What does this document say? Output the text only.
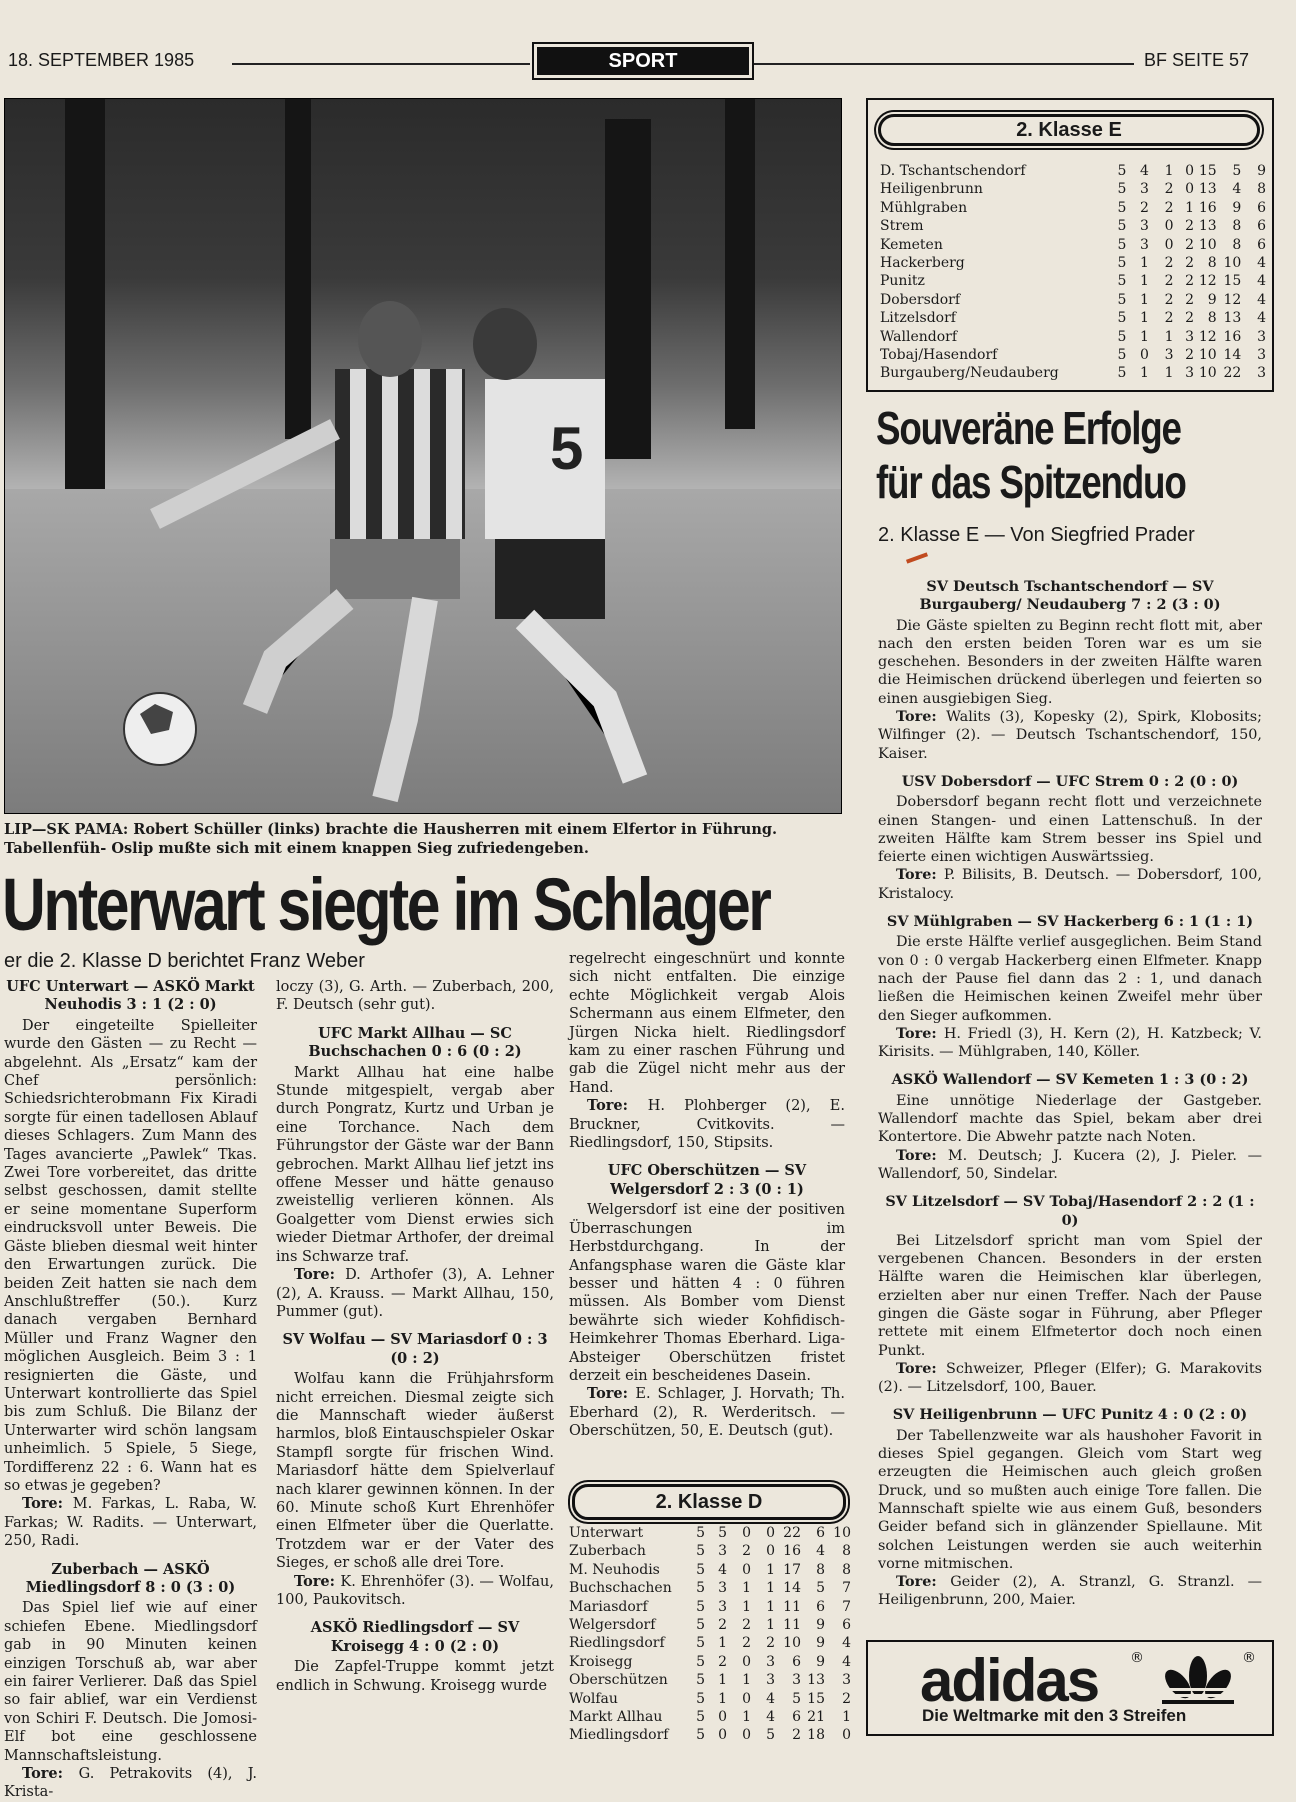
18. SEPTEMBER 1985	SPORT	BF SEITE 57
5
LIP—SK PAMA: Robert Schüller (links) brachte die Hausherren mit einem Elfertor in Führung. Tabellenfüh- Oslip mußte sich mit einem knappen Sieg zufriedengeben.
Unterwart siegte im Schlager
er die 2. Klasse D berichtet Franz Weber

UFC Unterwart — ASKÖ Markt Neuhodis 3 : 1 (2 : 0)

Der eingeteilte Spielleiter wurde den Gästen — zu Recht — abgelehnt. Als „Ersatz“ kam der Chef persönlich: Schiedsrichterobmann Fix Kiradi sorgte für einen tadellosen Ablauf dieses Schlagers. Zum Mann des Tages avancierte „Pawlek“ Tkas. Zwei Tore vorbereitet, das dritte selbst geschossen, damit stellte er seine momentane Superform eindrucksvoll unter Beweis. Die Gäste blieben diesmal weit hinter den Erwartungen zurück. Die beiden Zeit hatten sie nach dem Anschlußtreffer (50.). Kurz danach vergaben Bernhard Müller und Franz Wagner den möglichen Ausgleich. Beim 3 : 1 resignierten die Gäste, und Unterwart kontrollierte das Spiel bis zum Schluß. Die Bilanz der Unterwarter wird schön langsam unheimlich. 5 Spiele, 5 Siege, Tordifferenz 22 : 6. Wann hat es so etwas je gegeben?

Tore: M. Farkas, L. Raba, W. Farkas; W. Radits. — Unterwart, 250, Radi.

Zuberbach — ASKÖ Miedlingsdorf 8 : 0 (3 : 0)

Das Spiel lief wie auf einer schiefen Ebene. Miedlingsdorf gab in 90 Minuten keinen einzigen Torschuß ab, war aber ein fairer Verlierer. Daß das Spiel so fair ablief, war ein Verdienst von Schiri F. Deutsch. Die Jomosi-Elf bot eine geschlossene Mannschaftsleistung.

Tore: G. Petrakovits (4), J. Krista-

loczy (3), G. Arth. — Zuberbach, 200, F. Deutsch (sehr gut).

UFC Markt Allhau — SC Buchschachen 0 : 6 (0 : 2)

Markt Allhau hat eine halbe Stunde mitgespielt, vergab aber durch Pongratz, Kurtz und Urban je eine Torchance. Nach dem Führungstor der Gäste war der Bann gebrochen. Markt Allhau lief jetzt ins offene Messer und hätte genauso zweistellig verlieren können. Als Goalgetter vom Dienst erwies sich wieder Dietmar Arthofer, der dreimal ins Schwarze traf.

Tore: D. Arthofer (3), A. Lehner (2), A. Krauss. — Markt Allhau, 150, Pummer (gut).

SV Wolfau — SV Mariasdorf 0 : 3 (0 : 2)

Wolfau kann die Frühjahrsform nicht erreichen. Diesmal zeigte sich die Mannschaft wieder äußerst harmlos, bloß Eintauschspieler Oskar Stampfl sorgte für frischen Wind. Mariasdorf hätte dem Spielverlauf nach klarer gewinnen können. In der 60. Minute schoß Kurt Ehrenhöfer einen Elfmeter über die Querlatte. Trotzdem war er der Vater des Sieges, er schoß alle drei Tore.

Tore: K. Ehrenhöfer (3). — Wolfau, 100, Paukovitsch.

ASKÖ Riedlingsdorf — SV Kroisegg 4 : 0 (2 : 0)

Die Zapfel-Truppe kommt jetzt endlich in Schwung. Kroisegg wurde

regelrecht eingeschnürt und konnte sich nicht entfalten. Die einzige echte Möglichkeit vergab Alois Schermann aus einem Elfmeter, den Jürgen Nicka hielt. Riedlingsdorf kam zu einer raschen Führung und gab die Zügel nicht mehr aus der Hand.

Tore: H. Plohberger (2), E. Bruckner, Cvitkovits. — Riedlingsdorf, 150, Stipsits.

UFC Oberschützen — SV Welgersdorf 2 : 3 (0 : 1)

Welgersdorf ist eine der positiven Überraschungen im Herbstdurchgang. In der Anfangsphase waren die Gäste klar besser und hätten 4 : 0 führen müssen. Als Bomber vom Dienst bewährte sich wieder Kohfidisch-Heimkehrer Thomas Eberhard. Liga-Absteiger Oberschützen fristet derzeit ein bescheidenes Dasein.

Tore: E. Schlager, J. Horvath; Th. Eberhard (2), R. Werderitsch. — Oberschützen, 50, E. Deutsch (gut).

2. Klasse D
Unterwart	5	5	0	0	22	6	10
Zuberbach	5	3	2	0	16	4	8
M. Neuhodis	5	4	0	1	17	8	8
Buchschachen	5	3	1	1	14	5	7
Mariasdorf	5	3	1	1	11	6	7
Welgersdorf	5	2	2	1	11	9	6
Riedlingsdorf	5	1	2	2	10	9	4
Kroisegg	5	2	0	3	6	9	4
Oberschützen	5	1	1	3	3	13	3
Wolfau	5	1	0	4	5	15	2
Markt Allhau	5	0	1	4	6	21	1
Miedlingsdorf	5	0	0	5	2	18	0
2. Klasse E
D. Tschantschendorf	5	4	1	0	15	5	9
Heiligenbrunn	5	3	2	0	13	4	8
Mühlgraben	5	2	2	1	16	9	6
Strem	5	3	0	2	13	8	6
Kemeten	5	3	0	2	10	8	6
Hackerberg	5	1	2	2	8	10	4
Punitz	5	1	2	2	12	15	4
Dobersdorf	5	1	2	2	9	12	4
Litzelsdorf	5	1	2	2	8	13	4
Wallendorf	5	1	1	3	12	16	3
Tobaj/Hasendorf	5	0	3	2	10	14	3
Burgauberg/Neudauberg	5	1	1	3	10	22	3
Souveräne Erfolge
für das Spitzenduo
2. Klasse E — Von Siegfried Prader

SV Deutsch Tschantschendorf — SV Burgauberg/ Neudauberg 7 : 2 (3 : 0)

Die Gäste spielten zu Beginn recht flott mit, aber nach den ersten beiden Toren war es um sie geschehen. Besonders in der zweiten Hälfte waren die Heimischen drückend überlegen und feierten so einen ausgiebigen Sieg.

Tore: Walits (3), Kopesky (2), Spirk, Klobosits; Wilfinger (2). — Deutsch Tschantschendorf, 150, Kaiser.

USV Dobersdorf — UFC Strem 0 : 2 (0 : 0)

Dobersdorf begann recht flott und verzeichnete einen Stangen- und einen Lattenschuß. In der zweiten Hälfte kam Strem besser ins Spiel und feierte einen wichtigen Auswärtssieg.

Tore: P. Bilisits, B. Deutsch. — Dobersdorf, 100, Kristalocy.

SV Mühlgraben — SV Hackerberg 6 : 1 (1 : 1)

Die erste Hälfte verlief ausgeglichen. Beim Stand von 0 : 0 vergab Hackerberg einen Elfmeter. Knapp nach der Pause fiel dann das 2 : 1, und danach ließen die Heimischen keinen Zweifel mehr über den Sieger aufkommen.

Tore: H. Friedl (3), H. Kern (2), H. Katzbeck; V. Kirisits. — Mühlgraben, 140, Köller.

ASKÖ Wallendorf — SV Kemeten 1 : 3 (0 : 2)

Eine unnötige Niederlage der Gastgeber. Wallendorf machte das Spiel, bekam aber drei Kontertore. Die Abwehr patzte nach Noten.

Tore: M. Deutsch; J. Kucera (2), J. Pieler. — Wallendorf, 50, Sindelar.

SV Litzelsdorf — SV Tobaj/Hasendorf 2 : 2 (1 : 0)

Bei Litzelsdorf spricht man vom Spiel der vergebenen Chancen. Besonders in der ersten Hälfte waren die Heimischen klar überlegen, erzielten aber nur einen Treffer. Nach der Pause gingen die Gäste sogar in Führung, aber Pfleger rettete mit einem Elfmetertor doch noch einen Punkt.

Tore: Schweizer, Pfleger (Elfer); G. Marakovits (2). — Litzelsdorf, 100, Bauer.

SV Heiligenbrunn — UFC Punitz 4 : 0 (2 : 0)

Der Tabellenzweite war als haushoher Favorit in dieses Spiel gegangen. Gleich vom Start weg erzeugten die Heimischen auch gleich großen Druck, und so mußten auch einige Tore fallen. Die Mannschaft spielte wie aus einem Guß, besonders Geider befand sich in glänzender Spiellaune. Mit solchen Leistungen werden sie auch weiterhin vorne mitmischen.

Tore: Geider (2), A. Stranzl, G. Stranzl. — Heiligenbrunn, 200, Maier.

adidas ®	®
Die Weltmarke mit den 3 Streifen
